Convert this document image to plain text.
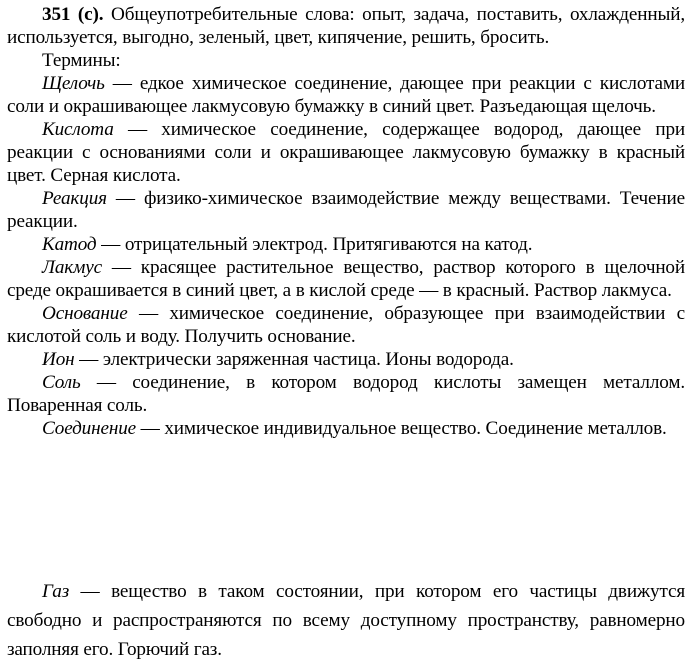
351 (с). Общеупотребительные слова: опыт, задача, поставить, охлажденный, используется, выгодно, зеленый, цвет, кипячение, решить, бросить.

Термины:

Щелочь — едкое химическое соединение, дающее при реакции с кислотами соли и окрашивающее лакмусовую бумажку в синий цвет. Разъедающая щелочь.

Кислота — химическое соединение, содержащее водород, дающее при реакции с основаниями соли и окрашивающее лакмусовую бумажку в красный цвет. Серная кислота.

Реакция — физико-химическое взаимодействие между веществами. Течение реакции.

Катод — отрицательный электрод. Притягиваются на катод.

Лакмус — красящее растительное вещество, раствор которого в щелочной среде окрашивается в синий цвет, а в кислой среде — в красный. Раствор лакмуса.

Основание — химическое соединение, образующее при взаимодействии с кислотой соль и воду. Получить основание.

Ион — электрически заряженная частица. Ионы водорода.

Соль — соединение, в котором водород кислоты замещен металлом. Поваренная соль.

Соединение — химическое индивидуальное вещество. Соединение металлов.

Газ — вещество в таком состоянии, при котором его частицы движутся свободно и распространяются по всему доступному пространству, равномерно заполняя его. Горючий газ.
